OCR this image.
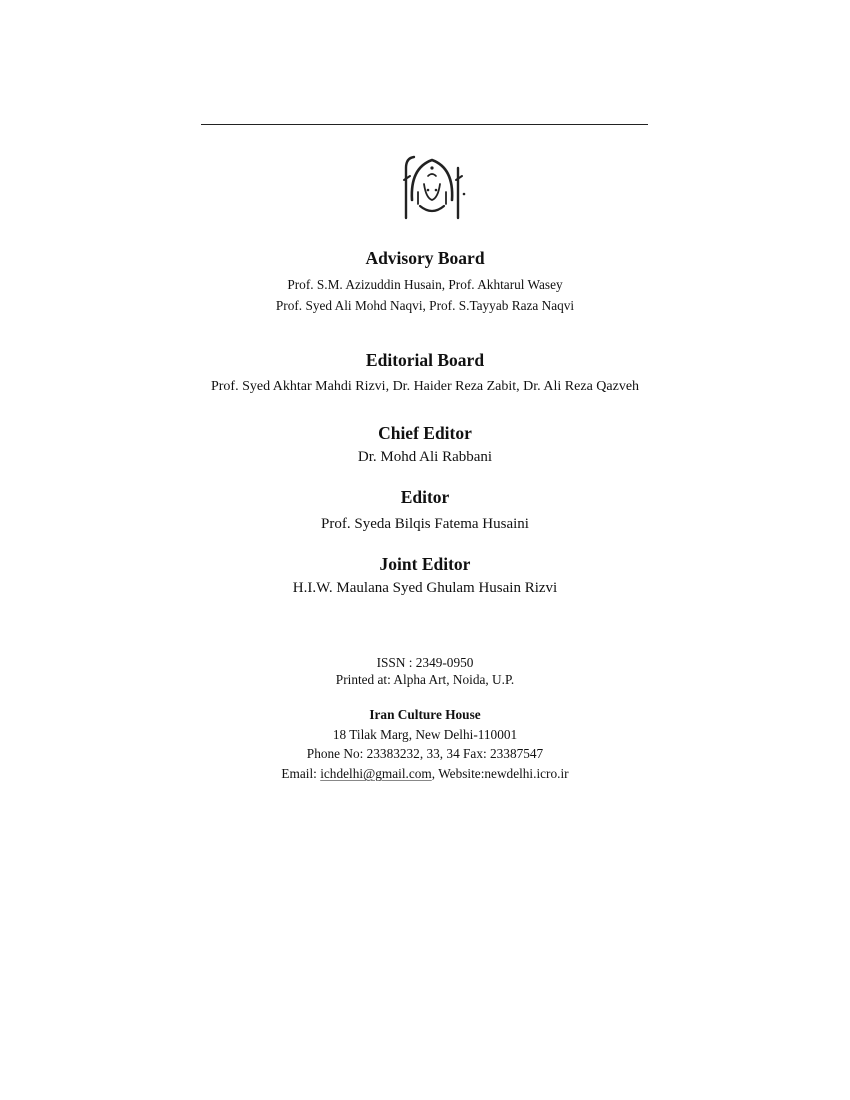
Advisory Board
Prof. S.M. Azizuddin Husain, Prof. Akhtarul Wasey
Prof. Syed Ali Mohd Naqvi, Prof. S.Tayyab Raza Naqvi
Editorial Board
Prof. Syed Akhtar Mahdi Rizvi, Dr. Haider Reza Zabit, Dr. Ali Reza Qazveh
Chief Editor
Dr. Mohd Ali Rabbani
Editor
Prof. Syeda Bilqis Fatema Husaini
Joint Editor
H.I.W. Maulana Syed Ghulam Husain Rizvi
ISSN : 2349-0950
Printed at: Alpha Art, Noida, U.P.
Iran Culture House
18 Tilak Marg, New Delhi-110001
Phone No: 23383232, 33, 34 Fax: 23387547
Email: ichdelhi@gmail.com, Website:newdelhi.icro.ir
